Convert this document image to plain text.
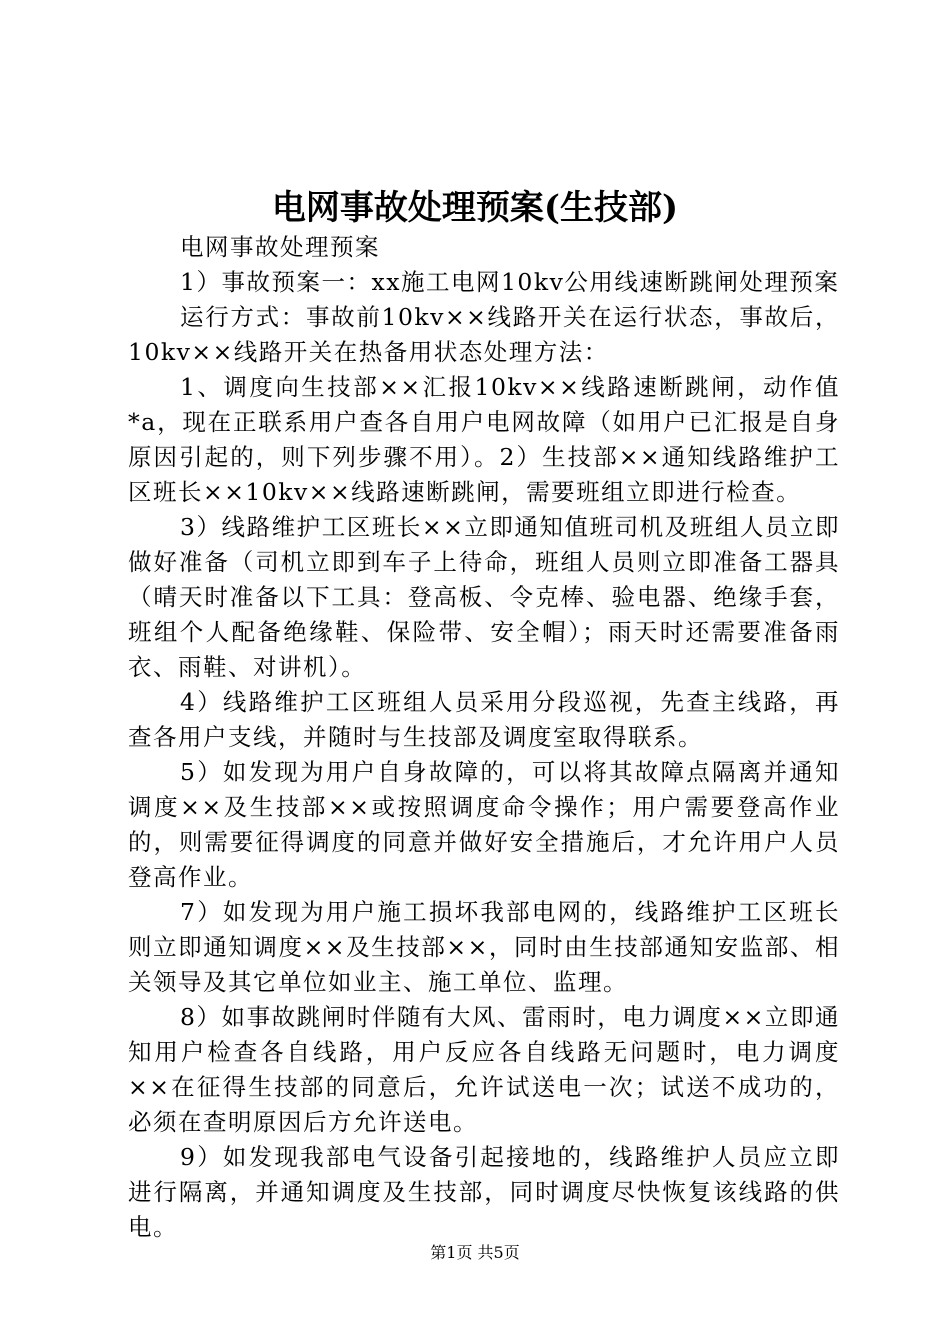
电网事故处理预案(生技部)

电网事故处理预案

1）事故预案一：xx施工电网10kv公用线速断跳闸处理预案

运行方式：事故前10kv××线路开关在运行状态，事故后，10kv××线路开关在热备用状态处理方法：

1、调度向生技部××汇报10kv××线路速断跳闸，动作值*a，现在正联系用户查各自用户电网故障（如用户已汇报是自身原因引起的，则下列步骤不用）。2）生技部××通知线路维护工区班长××10kv××线路速断跳闸，需要班组立即进行检查。

3）线路维护工区班长××立即通知值班司机及班组人员立即做好准备（司机立即到车子上待命，班组人员则立即准备工器具（晴天时准备以下工具：登高板、令克棒、验电器、绝缘手套，班组个人配备绝缘鞋、保险带、安全帽）；雨天时还需要准备雨衣、雨鞋、对讲机）。

4）线路维护工区班组人员采用分段巡视，先查主线路，再查各用户支线，并随时与生技部及调度室取得联系。

5）如发现为用户自身故障的，可以将其故障点隔离并通知调度××及生技部××或按照调度命令操作；用户需要登高作业的，则需要征得调度的同意并做好安全措施后，才允许用户人员登高作业。

7）如发现为用户施工损坏我部电网的，线路维护工区班长则立即通知调度××及生技部××，同时由生技部通知安监部、相关领导及其它单位如业主、施工单位、监理。

8）如事故跳闸时伴随有大风、雷雨时，电力调度××立即通知用户检查各自线路，用户反应各自线路无问题时，电力调度××在征得生技部的同意后，允许试送电一次；试送不成功的，必须在查明原因后方允许送电。

9）如发现我部电气设备引起接地的，线路维护人员应立即进行隔离，并通知调度及生技部，同时调度尽快恢复该线路的供电。

第1页 共5页
